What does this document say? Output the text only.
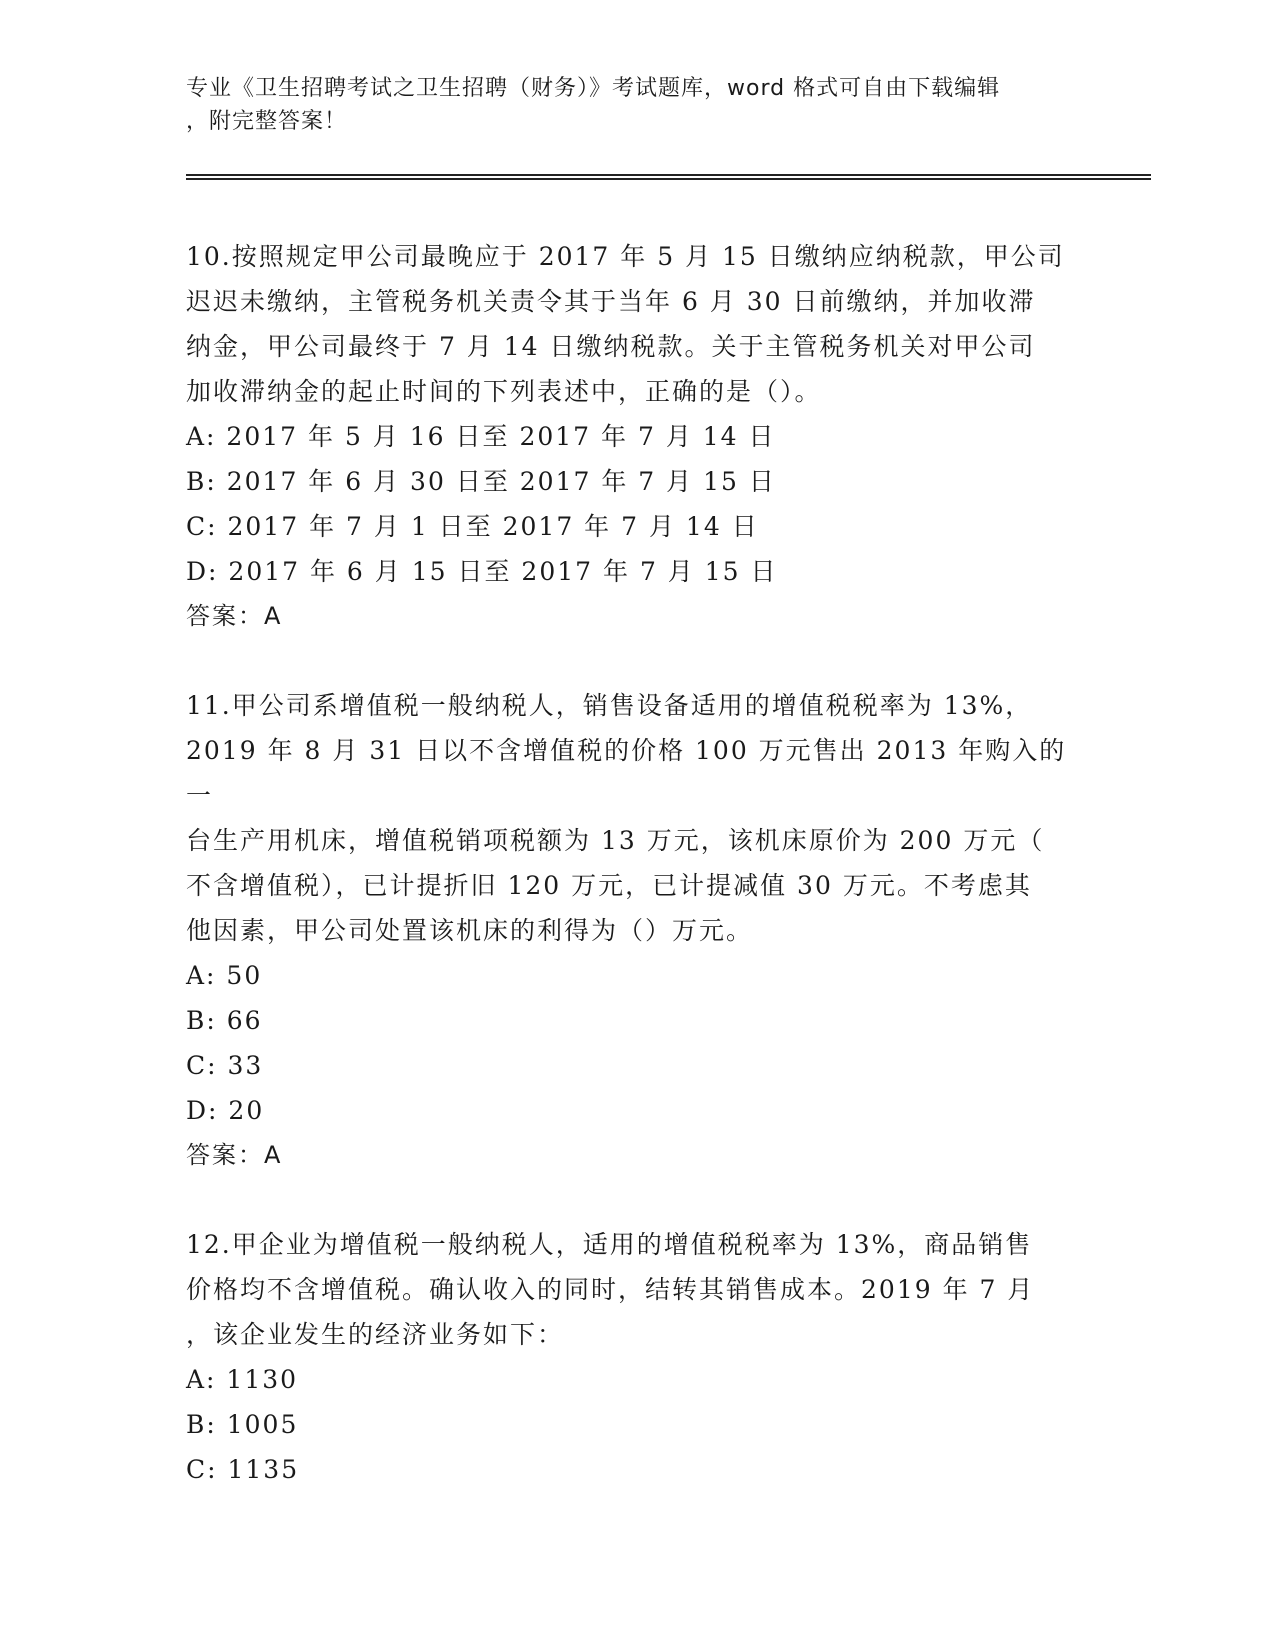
专业《卫生招聘考试之卫生招聘（财务）》考试题库，word 格式可自由下载编辑
，附完整答案！

10.按照规定甲公司最晚应于 2017 年 5 月 15 日缴纳应纳税款，甲公司

迟迟未缴纳，主管税务机关责令其于当年 6 月 30 日前缴纳，并加收滞

纳金，甲公司最终于 7 月 14 日缴纳税款。关于主管税务机关对甲公司

加收滞纳金的起止时间的下列表述中，正确的是（）。

A: 2017 年 5 月 16 日至 2017 年 7 月 14 日

B: 2017 年 6 月 30 日至 2017 年 7 月 15 日

C: 2017 年 7 月 1 日至 2017 年 7 月 14 日

D: 2017 年 6 月 15 日至 2017 年 7 月 15 日

答案：A

11.甲公司系增值税一般纳税人，销售设备适用的增值税税率为 13%，

2019 年 8 月 31 日以不含增值税的价格 100 万元售出 2013 年购入的一

台生产用机床，增值税销项税额为 13 万元，该机床原价为 200 万元（

不含增值税），已计提折旧 120 万元，已计提减值 30 万元。不考虑其

他因素，甲公司处置该机床的利得为（）万元。

A: 50

B: 66

C: 33

D: 20

答案：A

12.甲企业为增值税一般纳税人，适用的增值税税率为 13%，商品销售

价格均不含增值税。确认收入的同时，结转其销售成本。2019 年 7 月

，该企业发生的经济业务如下：

A: 1130

B: 1005

C: 1135
